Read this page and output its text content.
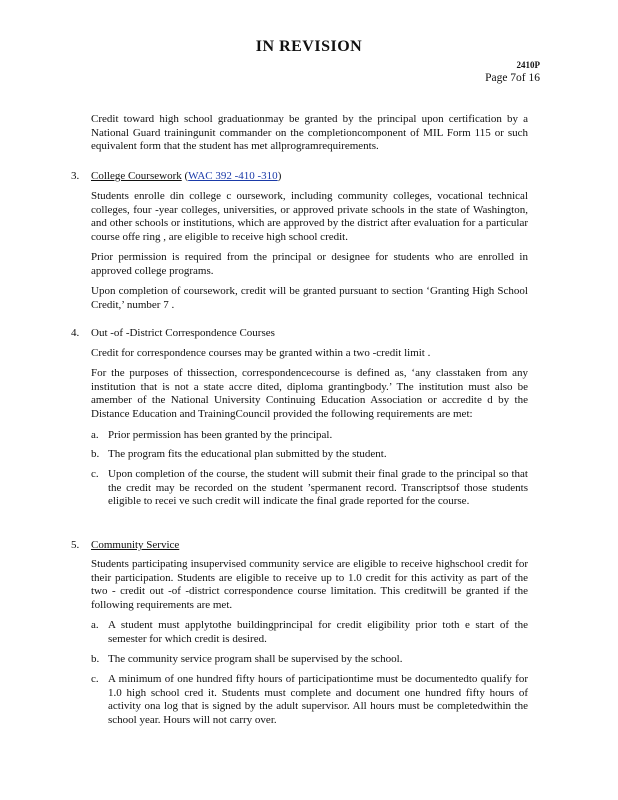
IN REVISION
2410P
Page 7of 16
Credit toward high school graduationmay be granted by the principal upon certification by a National Guard trainingunit commander on the completioncomponent of MIL Form 115 or such equivalent form that the student has met allprogramrequirements.
3. College Coursework (WAC 392 -410 -310)
Students enrolle din college c oursework, including community colleges, vocational technical colleges, four -year colleges, universities, or approved private schools in the state of Washington, and other schools or institutions, which are approved by the district after evaluation for a particular course offe ring , are eligible to receive high school credit.
Prior permission is required from the principal or designee for students who are enrolled in approved college programs.
Upon completion of coursework, credit will be granted pursuant to section ‘Granting High School Credit,’ number 7 .
4. Out -of -District Correspondence Courses
Credit for correspondence courses may be granted within a two -credit limit .
For the purposes of thissection, correspondencecourse is defined as, ‘any classtaken from any institution that is not a state accre dited, diploma grantingbody.’ The institution must also be amember of the National University Continuing Education Association or accredite d by the Distance Education and TrainingCouncil provided the following requirements are met:
a. Prior permission has been granted by the principal.
b. The program fits the educational plan submitted by the student.
c. Upon completion of the course, the student will submit their final grade to the principal so that the credit may be recorded on the student ’spermanent record. Transcriptsof those students eligible to recei ve such credit will indicate the final grade reported for the course.
5. Community Service
Students participating insupervised community service are eligible to receive highschool credit for their participation. Students are eligible to receive up to 1.0 credit for this activity as part of the two - credit out -of -district correspondence course limitation. This creditwill be granted if the following requirements are met.
a. A student must applytothe buildingprincipal for credit eligibility prior toth e start of the semester for which credit is desired.
b. The community service program shall be supervised by the school.
c. A minimum of one hundred fifty hours of participationtime must be documentedto qualify for 1.0 high school cred it. Students must complete and document one hundred fifty hours of activity ona log that is signed by the adult supervisor. All hours must be completedwithin the school year. Hours will not carry over.
